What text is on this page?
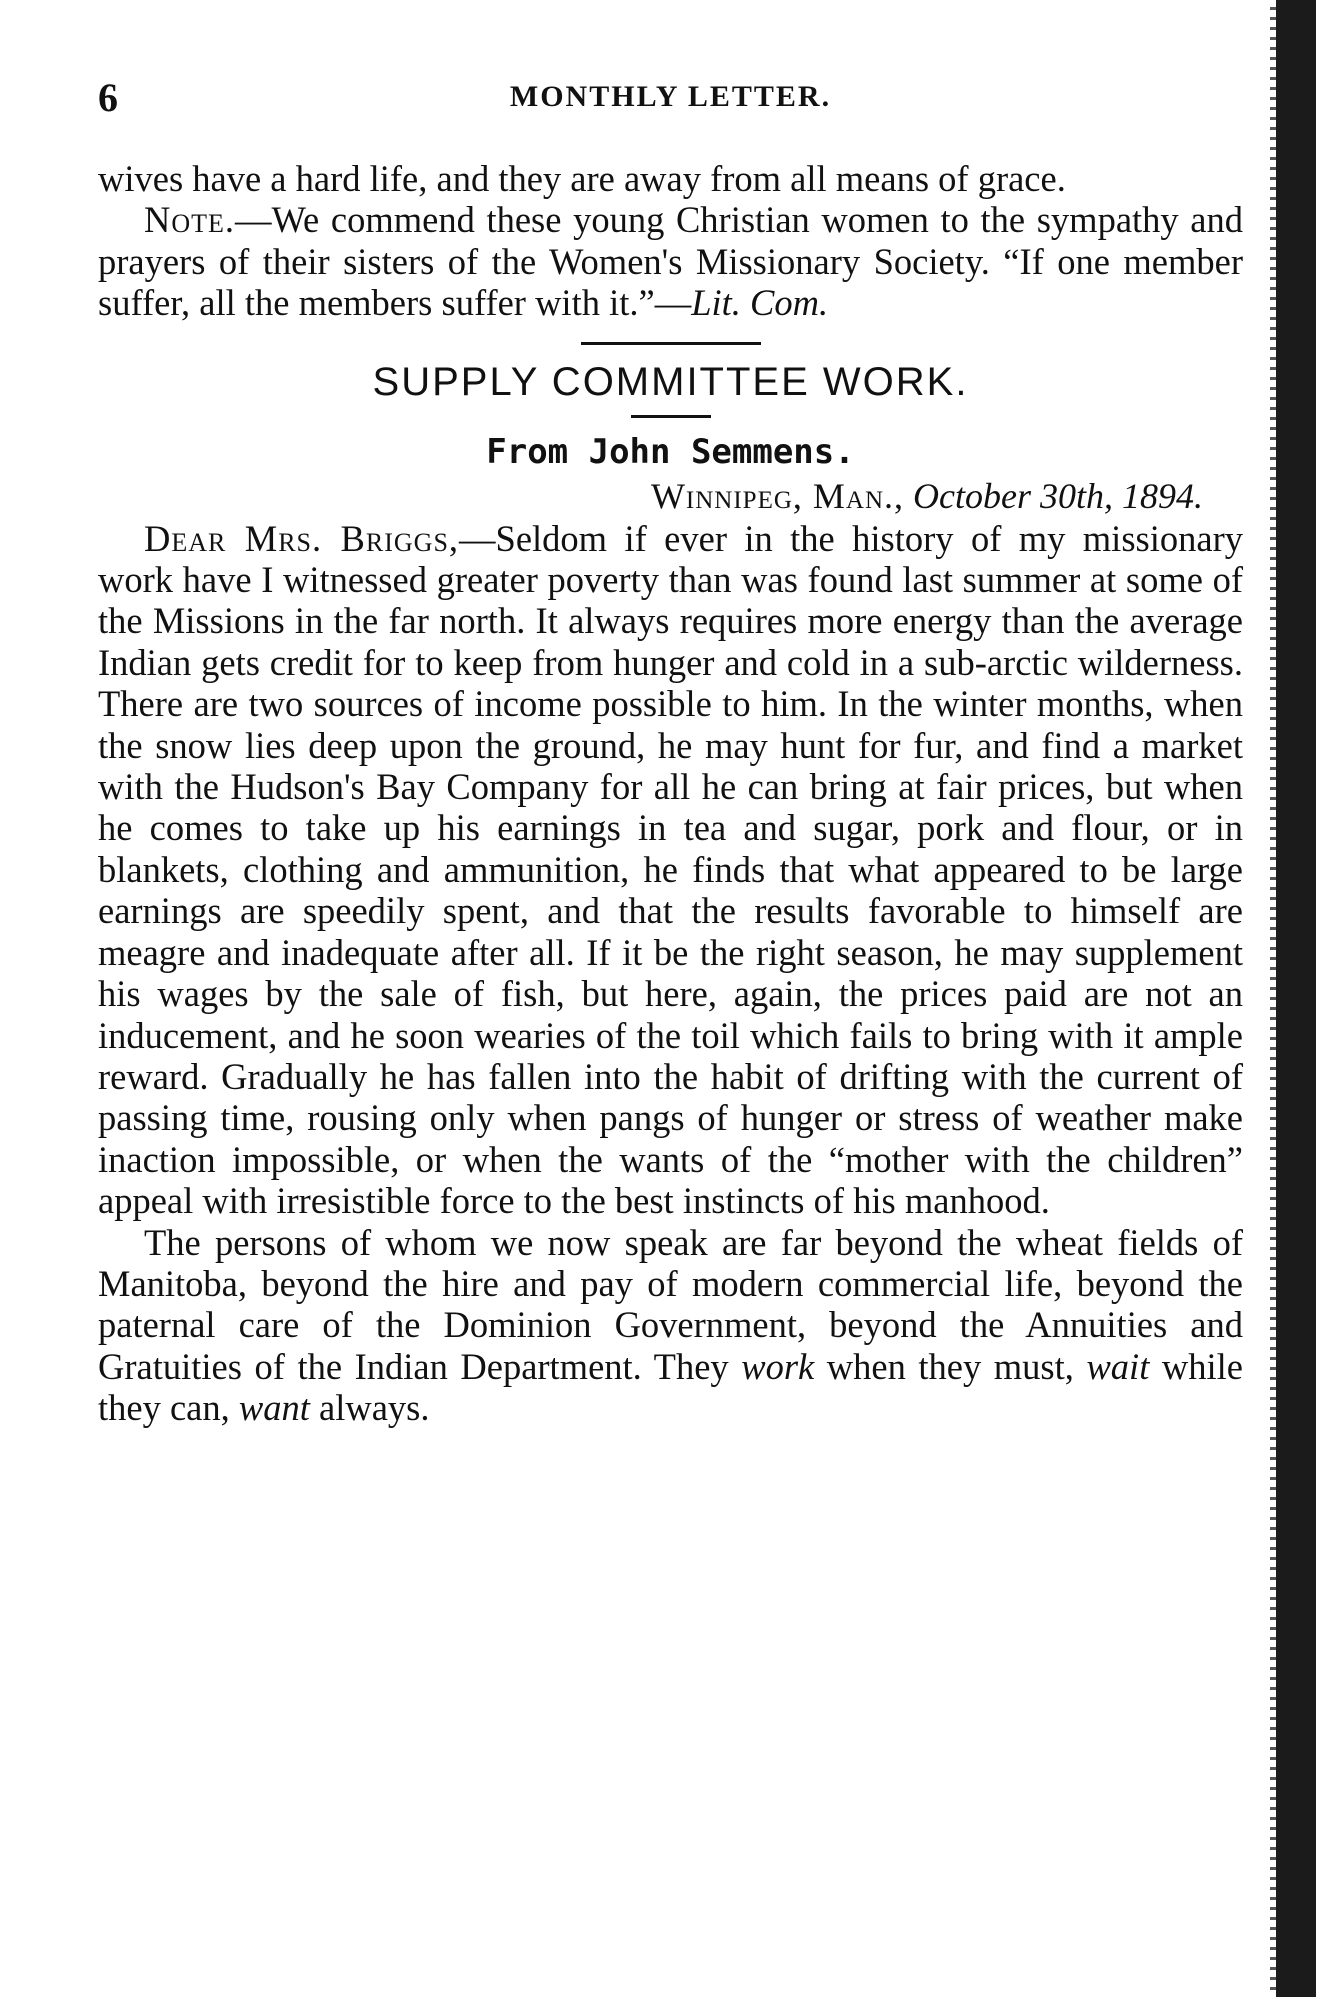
6	MONTHLY LETTER.

wives have a hard life, and they are away from all means of grace.

Note.—We commend these young Christian women to the sympathy and prayers of their sisters of the Women's Missionary Society. “If one member suffer, all the members suffer with it.”—Lit. Com.

SUPPLY COMMITTEE WORK.
From John Semmens.
Winnipeg, Man., October 30th, 1894.

Dear Mrs. Briggs,—Seldom if ever in the history of my missionary work have I witnessed greater poverty than was found last summer at some of the Missions in the far north. It always requires more energy than the average Indian gets credit for to keep from hunger and cold in a sub-arctic wilderness. There are two sources of income possible to him. In the winter months, when the snow lies deep upon the ground, he may hunt for fur, and find a market with the Hudson's Bay Company for all he can bring at fair prices, but when he comes to take up his earnings in tea and sugar, pork and flour, or in blankets, clothing and ammunition, he finds that what appeared to be large earnings are speedily spent, and that the results favorable to himself are meagre and inadequate after all. If it be the right season, he may supplement his wages by the sale of fish, but here, again, the prices paid are not an inducement, and he soon wearies of the toil which fails to bring with it ample reward. Gradually he has fallen into the habit of drifting with the current of passing time, rousing only when pangs of hunger or stress of weather make inaction impossible, or when the wants of the “mother with the children” appeal with irresistible force to the best instincts of his manhood.

The persons of whom we now speak are far beyond the wheat fields of Manitoba, beyond the hire and pay of modern commercial life, beyond the paternal care of the Dominion Government, beyond the Annuities and Gratuities of the Indian Department. They work when they must, wait while they can, want always.
